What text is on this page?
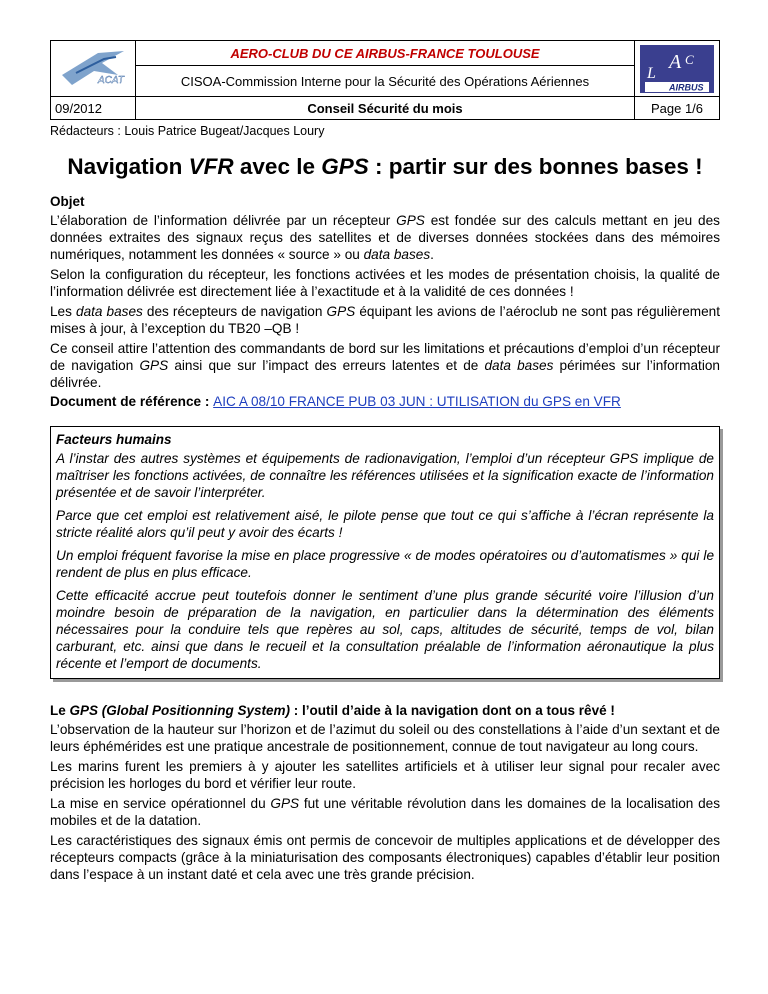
ACAT	AERO-CLUB DU CE AIRBUS-FRANCE TOULOUSE	A C
L
AIRBUS

	CISOA-Commission Interne pour la Sécurité des Opérations Aériennes	
09/2012	Conseil Sécurité du mois	Page 1/6
Rédacteurs : Louis Patrice Bugeat/Jacques Loury
Navigation VFR avec le GPS : partir sur des bonnes bases !
Objet

L’élaboration de l’information délivrée par un récepteur GPS est fondée sur des calculs mettant en jeu des données extraites des signaux reçus des satellites et de diverses données stockées dans des mémoires numériques, notamment les données « source » ou data bases.

Selon la configuration du récepteur, les fonctions activées et les modes de présentation choisis, la qualité de l’information délivrée est directement liée à l’exactitude et à la validité de ces données !

Les data bases des récepteurs de navigation GPS équipant les avions de l’aéroclub ne sont pas régulièrement mises à jour, à l’exception du TB20 –QB !

Ce conseil attire l’attention des commandants de bord sur les limitations et précautions d’emploi d’un récepteur de navigation GPS ainsi que sur l’impact des erreurs latentes et de data bases périmées sur l’information délivrée.

Document de référence : AIC A 08/10 FRANCE PUB 03 JUN : UTILISATION du GPS en VFR
Facteurs humains

A l’instar des autres systèmes et équipements de radionavigation, l’emploi d’un récepteur GPS implique de maîtriser les fonctions activées, de connaître les références utilisées et la signification exacte de l’information présentée et de savoir l’interpréter.

Parce que cet emploi est relativement aisé, le pilote pense que tout ce qui s’affiche à l’écran représente la stricte réalité alors qu’il peut y avoir des écarts !

Un emploi fréquent favorise la mise en place progressive « de modes opératoires ou d’automatismes » qui le rendent de plus en plus efficace.

Cette efficacité accrue peut toutefois donner le sentiment d’une plus grande sécurité voire l’illusion d’un moindre besoin de préparation de la navigation, en particulier dans la détermination des éléments nécessaires pour la conduire tels que repères au sol, caps, altitudes de sécurité, temps de vol, bilan carburant, etc. ainsi que dans le recueil et la consultation préalable de l’information aéronautique la plus récente et l’emport de documents.

Le GPS (Global Positionning System) : l’outil d’aide à la navigation dont on a tous rêvé !

L’observation de la hauteur sur l’horizon et de l’azimut du soleil ou des constellations à l’aide d’un sextant et de leurs éphémérides est une pratique ancestrale de positionnement, connue de tout navigateur au long cours.

Les marins furent les premiers à y ajouter les satellites artificiels et à utiliser leur signal pour recaler avec précision les horloges du bord et vérifier leur route.

La mise en service opérationnel du GPS fut une véritable révolution dans les domaines de la localisation des mobiles et de la datation.

Les caractéristiques des signaux émis ont permis de concevoir de multiples applications et de développer des récepteurs compacts (grâce à la miniaturisation des composants électroniques) capables d’établir leur position dans l’espace à un instant daté et cela avec une très grande précision.
